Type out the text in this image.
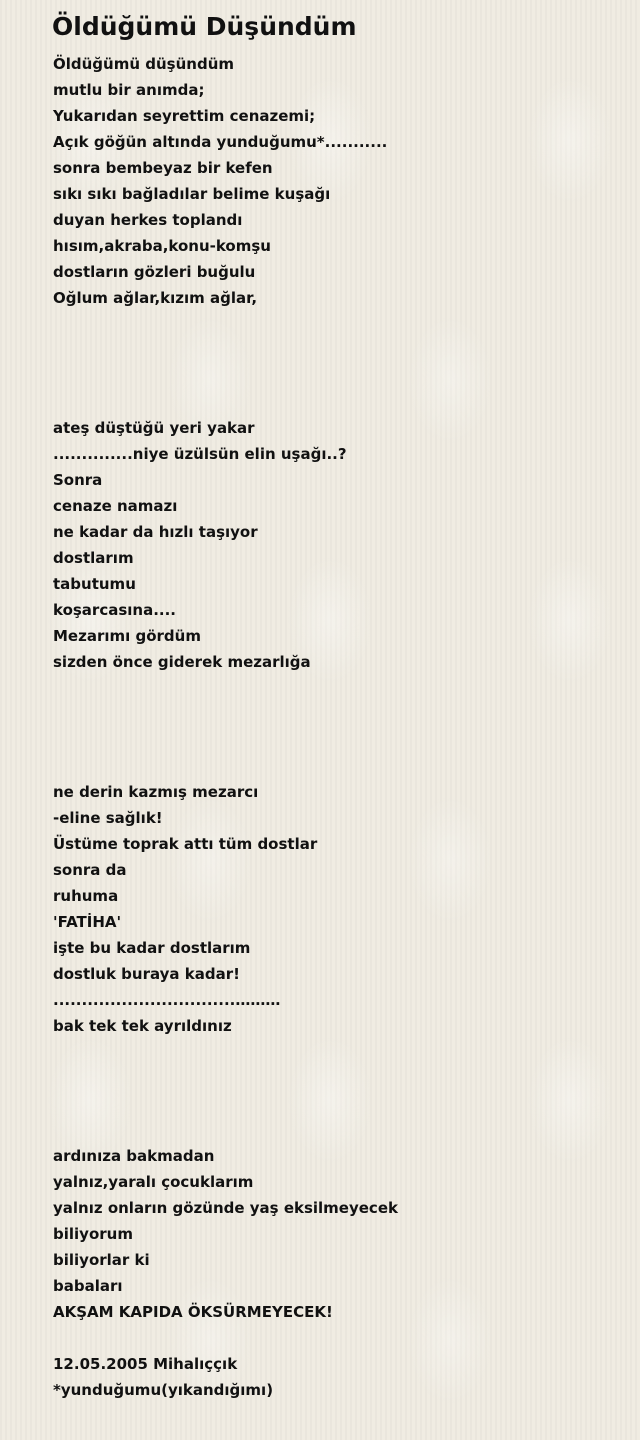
Öldüğümü Düşündüm
Öldüğümü düşündüm
mutlu bir anımda;
Yukarıdan seyrettim cenazemi;
Açık göğün altında yunduğumu*...........
sonra bembeyaz bir kefen
sıkı sıkı bağladılar belime kuşağı
duyan herkes toplandı
hısım,akraba,konu-komşu
dostların gözleri buğulu
Oğlum ağlar,kızım ağlar,
ateş düştüğü yeri yakar
..............niye üzülsün elin uşağı..?
Sonra
cenaze namazı
ne kadar da hızlı taşıyor
dostlarım
tabutumu
koşarcasına....
Mezarımı gördüm
sizden önce giderek mezarlığa
ne derin kazmış mezarcı
-eline sağlık!
Üstüme toprak attı tüm dostlar
sonra da
ruhuma
'FATİHA'
işte bu kadar dostlarım
dostluk buraya kadar!
................................………
bak tek tek ayrıldınız
ardınıza bakmadan
yalnız,yaralı çocuklarım
yalnız onların gözünde yaş eksilmeyecek
biliyorum
biliyorlar ki
babaları
AKŞAM KAPIDA ÖKSÜRMEYECEK!
12.05.2005 Mihalıççık
*yunduğumu(yıkandığımı)
